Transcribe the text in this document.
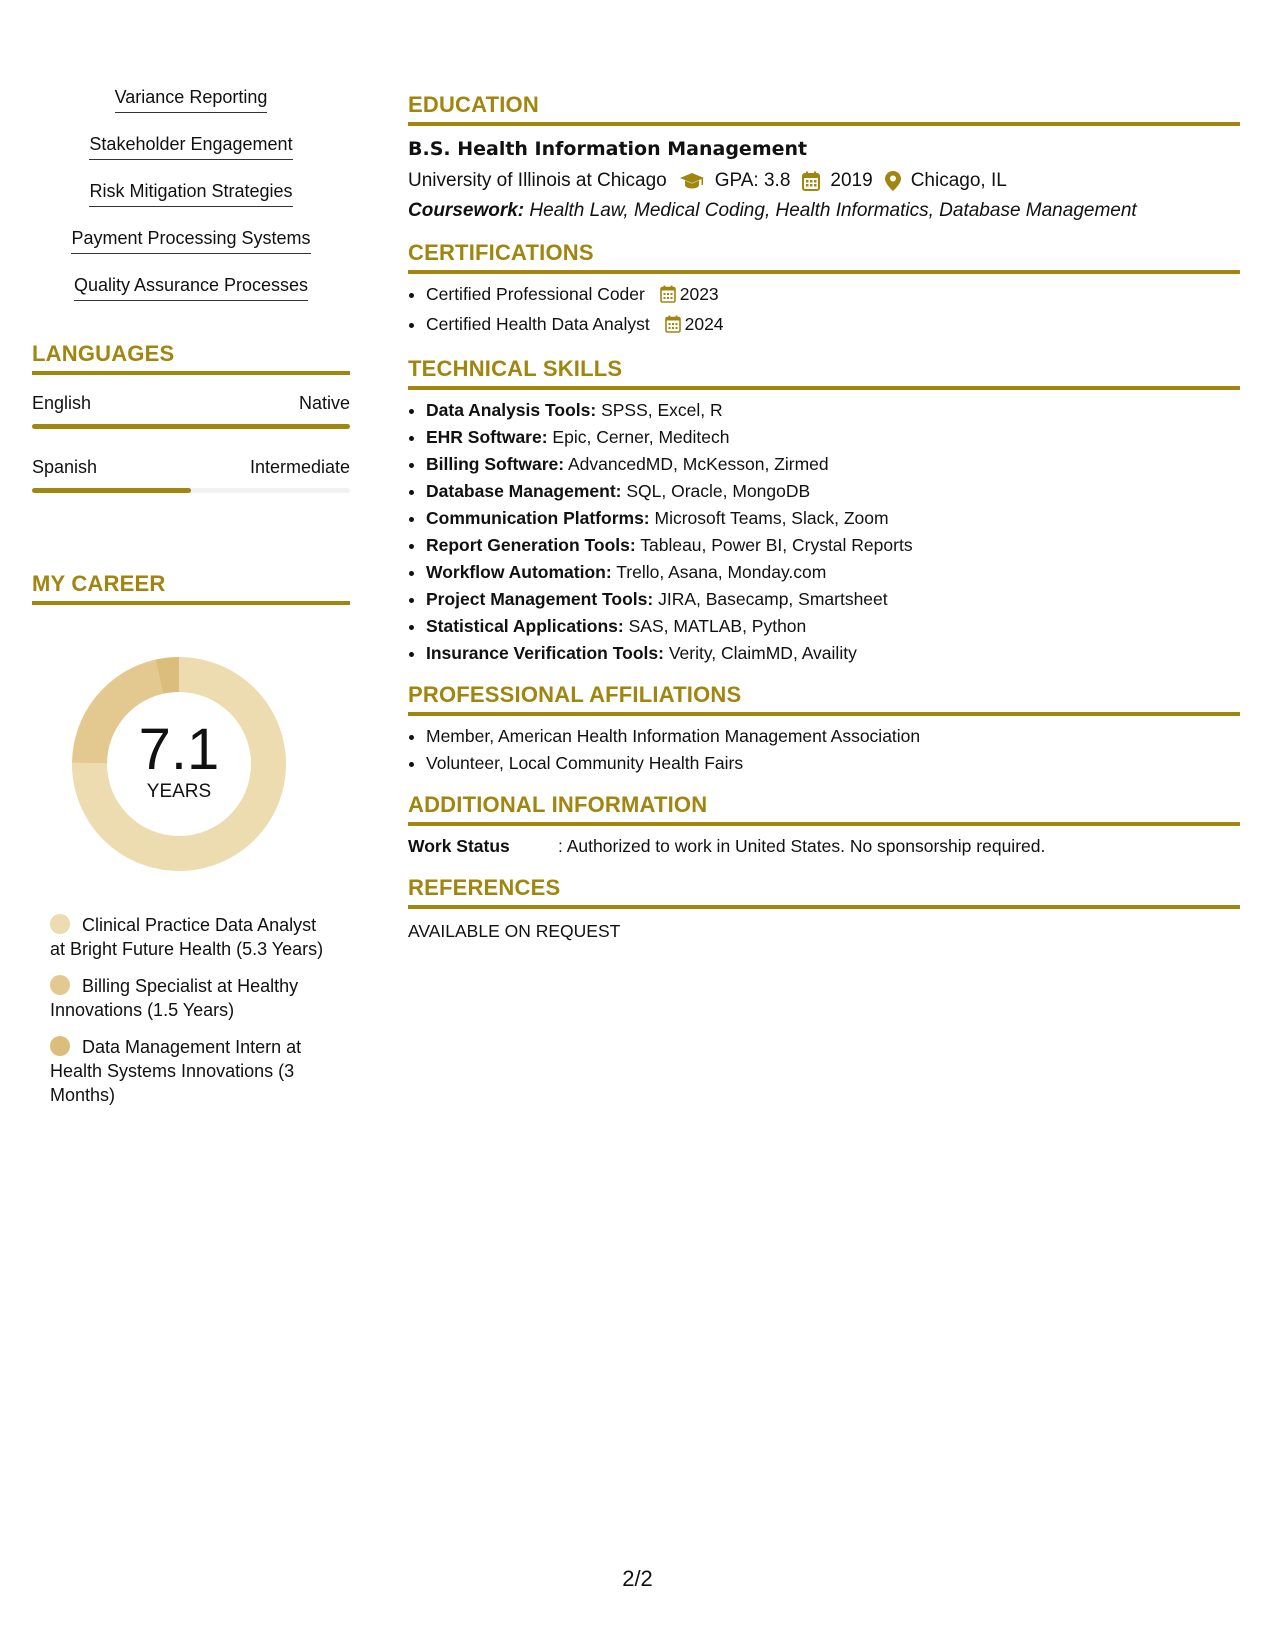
Variance Reporting
Stakeholder Engagement
Risk Mitigation Strategies
Payment Processing Systems
Quality Assurance Processes
LANGUAGES
English	Native
Spanish	Intermediate
MY CAREER
7.1
YEARS
Clinical Practice Data Analyst at Bright Future Health (5.3 Years)
Billing Specialist at Healthy Innovations (1.5 Years)
Data Management Intern at Health Systems Innovations (3 Months)
EDUCATION
B.S. Health Information Management
University of Illinois at Chicago	GPA: 3.8 2019 Chicago, IL
Coursework: Health Law, Medical Coding, Health Informatics, Database Management
CERTIFICATIONS
• Certified Professional Coder 2023
• Certified Health Data Analyst 2024
TECHNICAL SKILLS
• Data Analysis Tools: SPSS, Excel, R
• EHR Software: Epic, Cerner, Meditech
• Billing Software: AdvancedMD, McKesson, Zirmed
• Database Management: SQL, Oracle, MongoDB
• Communication Platforms: Microsoft Teams, Slack, Zoom
• Report Generation Tools: Tableau, Power BI, Crystal Reports
• Workflow Automation: Trello, Asana, Monday.com
• Project Management Tools: JIRA, Basecamp, Smartsheet
• Statistical Applications: SAS, MATLAB, Python
• Insurance Verification Tools: Verity, ClaimMD, Availity
PROFESSIONAL AFFILIATIONS
• Member, American Health Information Management Association
• Volunteer, Local Community Health Fairs
ADDITIONAL INFORMATION
Work Status	: Authorized to work in United States. No sponsorship required.
REFERENCES
AVAILABLE ON REQUEST
2/2
